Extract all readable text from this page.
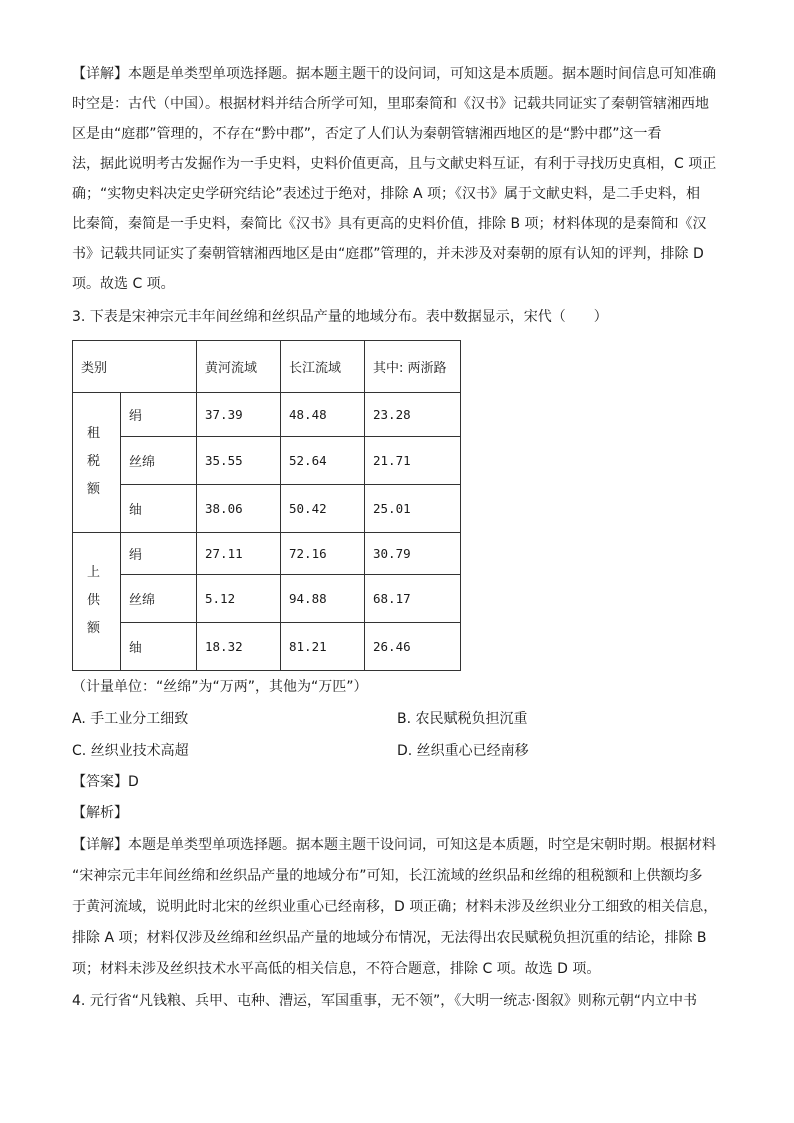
【详解】本题是单类型单项选择题。据本题主题干的设问词，可知这是本质题。据本题时间信息可知准确
时空是：古代（中国）。根据材料并结合所学可知，里耶秦简和《汉书》记载共同证实了秦朝管辖湘西地
区是由“庭郡”管理的，不存在“黔中郡”，否定了人们认为秦朝管辖湘西地区的是“黔中郡”这一看
法，据此说明考古发掘作为一手史料，史料价值更高，且与文献史料互证，有利于寻找历史真相，C 项正
确；“实物史料决定史学研究结论”表述过于绝对，排除 A 项；《汉书》属于文献史料，是二手史料，相
比秦简，秦简是一手史料，秦简比《汉书》具有更高的史料价值，排除 B 项；材料体现的是秦简和《汉
书》记载共同证实了秦朝管辖湘西地区是由“庭郡”管理的，并未涉及对秦朝的原有认知的评判，排除 D
项。故选 C 项。
3. 下表是宋神宗元丰年间丝绵和丝织品产量的地域分布。表中数据显示，宋代（　　）
类别		黄河流域	长江流域	其中: 两浙路
租 税 额	绢	37.39	48.48	23.28
	丝绵	35.55	52.64	21.71
	䌷	38.06	50.42	25.01
上 供 额	绢	27.11	72.16	30.79
	丝绵	5.12	94.88	68.17
	䌷	18.32	81.21	26.46
（计量单位：“丝绵”为“万两”，其他为“万匹”）
A. 手工业分工细致	B. 农民赋税负担沉重
C. 丝织业技术高超	D. 丝织重心已经南移
【答案】D
【解析】
【详解】本题是单类型单项选择题。据本题主题干设问词，可知这是本质题，时空是宋朝时期。根据材料
“宋神宗元丰年间丝绵和丝织品产量的地域分布”可知，长江流域的丝织品和丝绵的租税额和上供额均多
于黄河流域，说明此时北宋的丝织业重心已经南移，D 项正确；材料未涉及丝织业分工细致的相关信息，
排除 A 项；材料仅涉及丝绵和丝织品产量的地域分布情况，无法得出农民赋税负担沉重的结论，排除 B
项；材料未涉及丝织技术水平高低的相关信息，不符合题意，排除 C 项。故选 D 项。
4. 元行省“凡钱粮、兵甲、屯种、漕运，军国重事，无不领”，《大明一统志·图叙》则称元朝“内立中书
